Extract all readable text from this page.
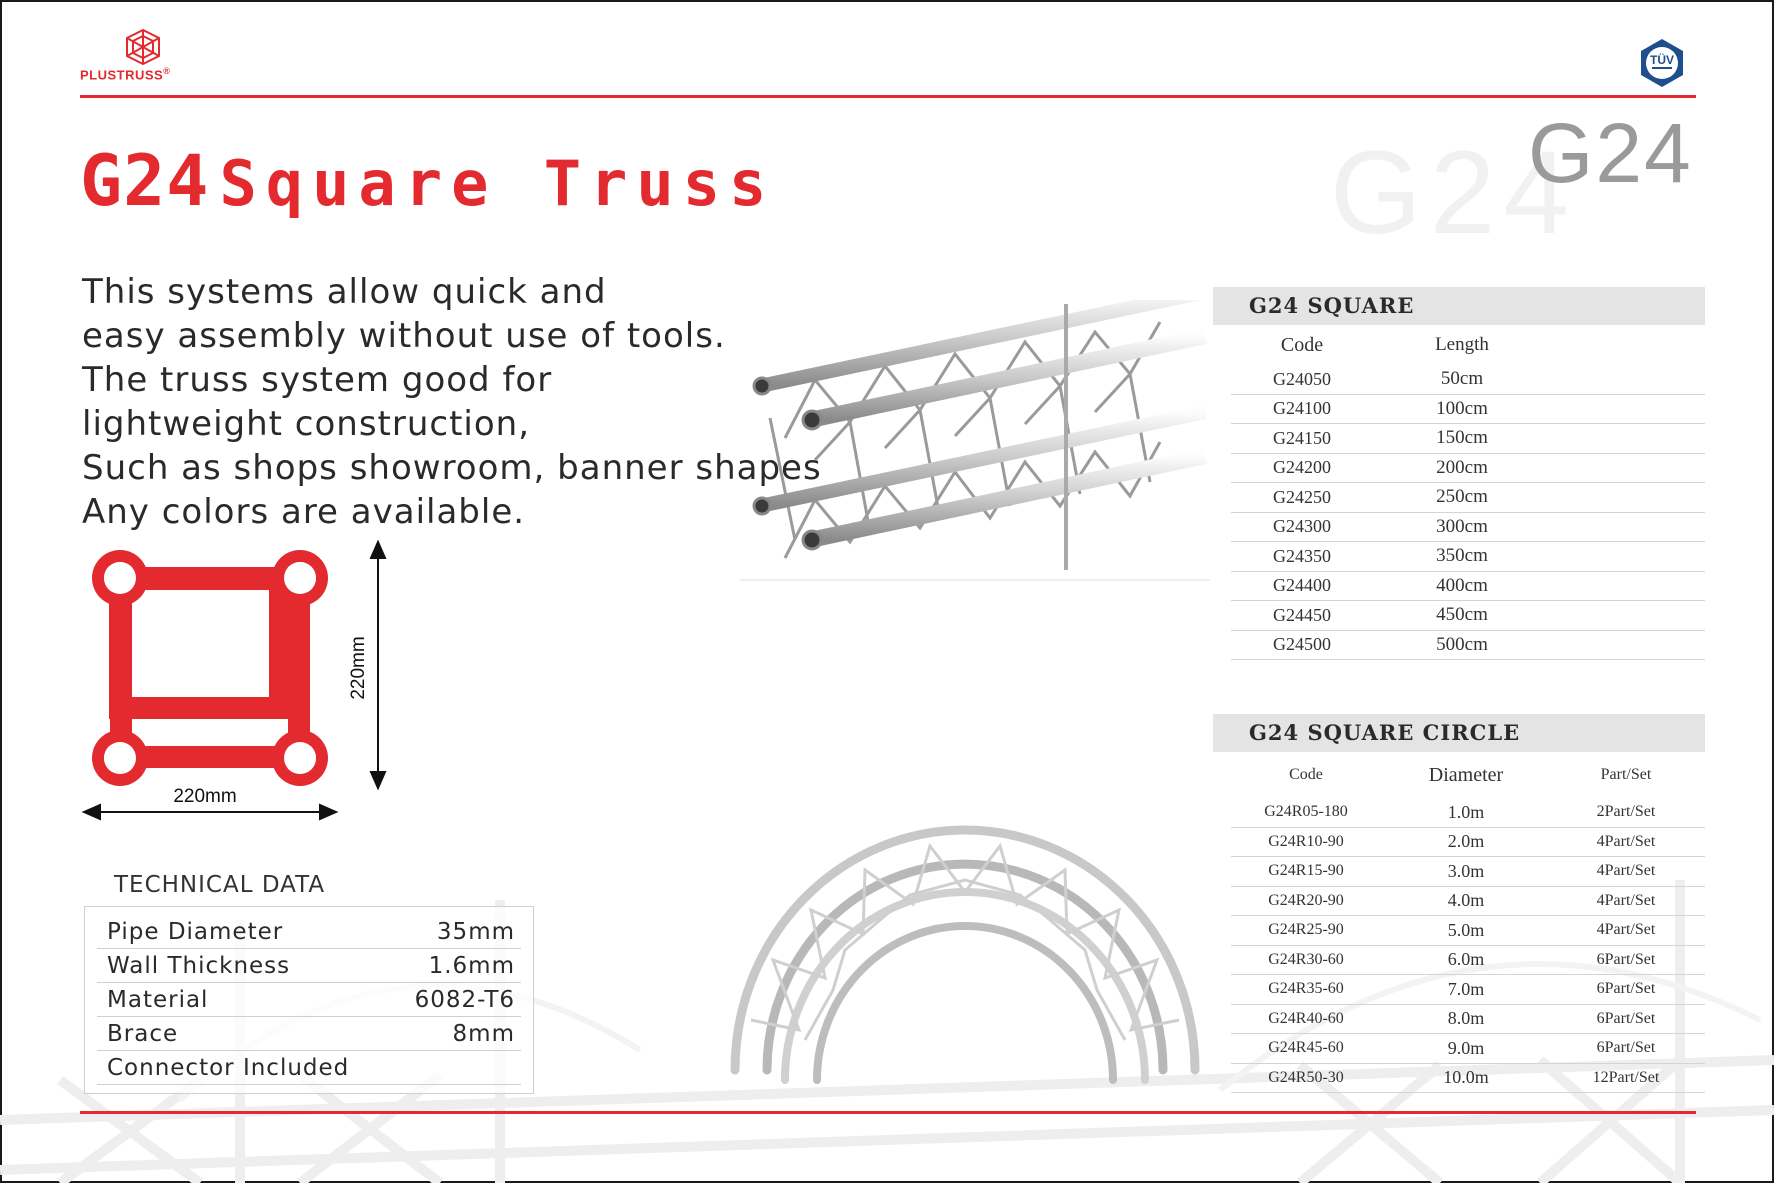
PLUSTRUSS®
TÜV
G24 Square Truss	G24
G24

This systems allow quick and

easy assembly without use of tools.

The truss system good for

lightweight construction,

Such as shops showroom, banner shapes

Any colors are available.

220mm
220mm
TECHNICAL DATA
Pipe Diameter	35mm
Wall Thickness	1.6mm
Material	6082-T6
Brace	8mm
Connector Included
G24 SQUARE
Code	Length
G24050	50cm
G24100	100cm
G24150	150cm
G24200	200cm
G24250	250cm
G24300	300cm
G24350	350cm
G24400	400cm
G24450	450cm
G24500	500cm
G24 SQUARE CIRCLE
Code	Diameter	Part/Set
G24R05-180	1.0m	2Part/Set
G24R10-90	2.0m	4Part/Set
G24R15-90	3.0m	4Part/Set
G24R20-90	4.0m	4Part/Set
G24R25-90	5.0m	4Part/Set
G24R30-60	6.0m	6Part/Set
G24R35-60	7.0m	6Part/Set
G24R40-60	8.0m	6Part/Set
G24R45-60	9.0m	6Part/Set
G24R50-30	10.0m	12Part/Set
